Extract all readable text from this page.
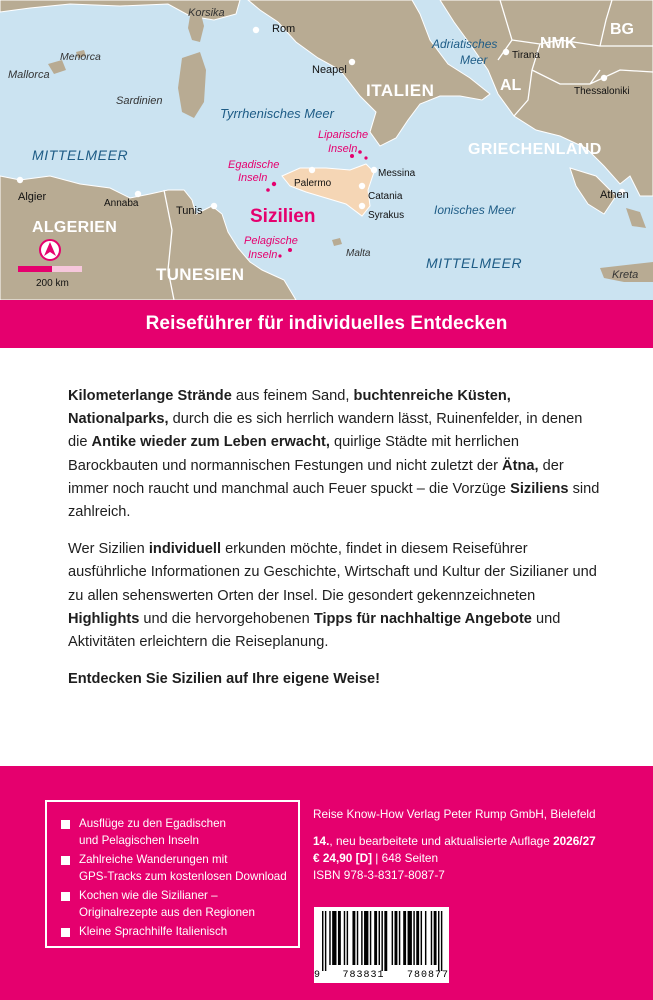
Korsika
Rom
Menorca
Mallorca
Sardinien
Neapel
ITALIEN
Adriatisches
Meer Tirana
NMK
BG
AL	Thessaloniki
Tyrrhenisches Meer
MITTELMEER
Liparische
Inseln	GRIECHENLAND
Egadische
Inseln	Palermo
Messina
Catania
Syrakus Ionisches Meer
Athen
Algier
Annaba
Tunis	Sizilien
ALGERIEN
Pelagische
Inseln	Malta
MITTELMEER
TUNESIEN	Kreta
200 km
Reiseführer für individuelles Entdecken

Kilometerlange Strände aus feinem Sand, buchtenreiche Küsten, Nationalparks, durch die es sich herrlich wandern lässt, Ruinenfelder, in denen die Antike wieder zum Leben erwacht, quirlige Städte mit herrlichen Barockbauten und normannischen Festungen und nicht zuletzt der Ätna, der immer noch raucht und manchmal auch Feuer spuckt – die Vorzüge Siziliens sind zahlreich.

Wer Sizilien individuell erkunden möchte, findet in diesem Reiseführer ausführliche Informationen zu Geschichte, Wirtschaft und Kultur der Sizilianer und zu allen sehenswerten Orten der Insel. Die gesondert gekennzeichneten Highlights und die hervorgehobenen Tipps für nachhaltige Angebote und Aktivitäten erleichtern die Reiseplanung.

Entdecken Sie Sizilien auf Ihre eigene Weise!

Ausflüge zu den Egadischen
und Pelagischen Inseln
Zahlreiche Wanderungen mit
GPS-Tracks zum kostenlosen Download
Kochen wie die Sizilianer –
Originalrezepte aus den Regionen
Kleine Sprachhilfe Italienisch
Reise Know-How Verlag Peter Rump GmbH, Bielefeld
14., neu bearbeitete und aktualisierte Auflage 2026/27
€ 24,90 [D] | 648 Seiten
ISBN 978-3-8317-8087-7
9 783831 780877
